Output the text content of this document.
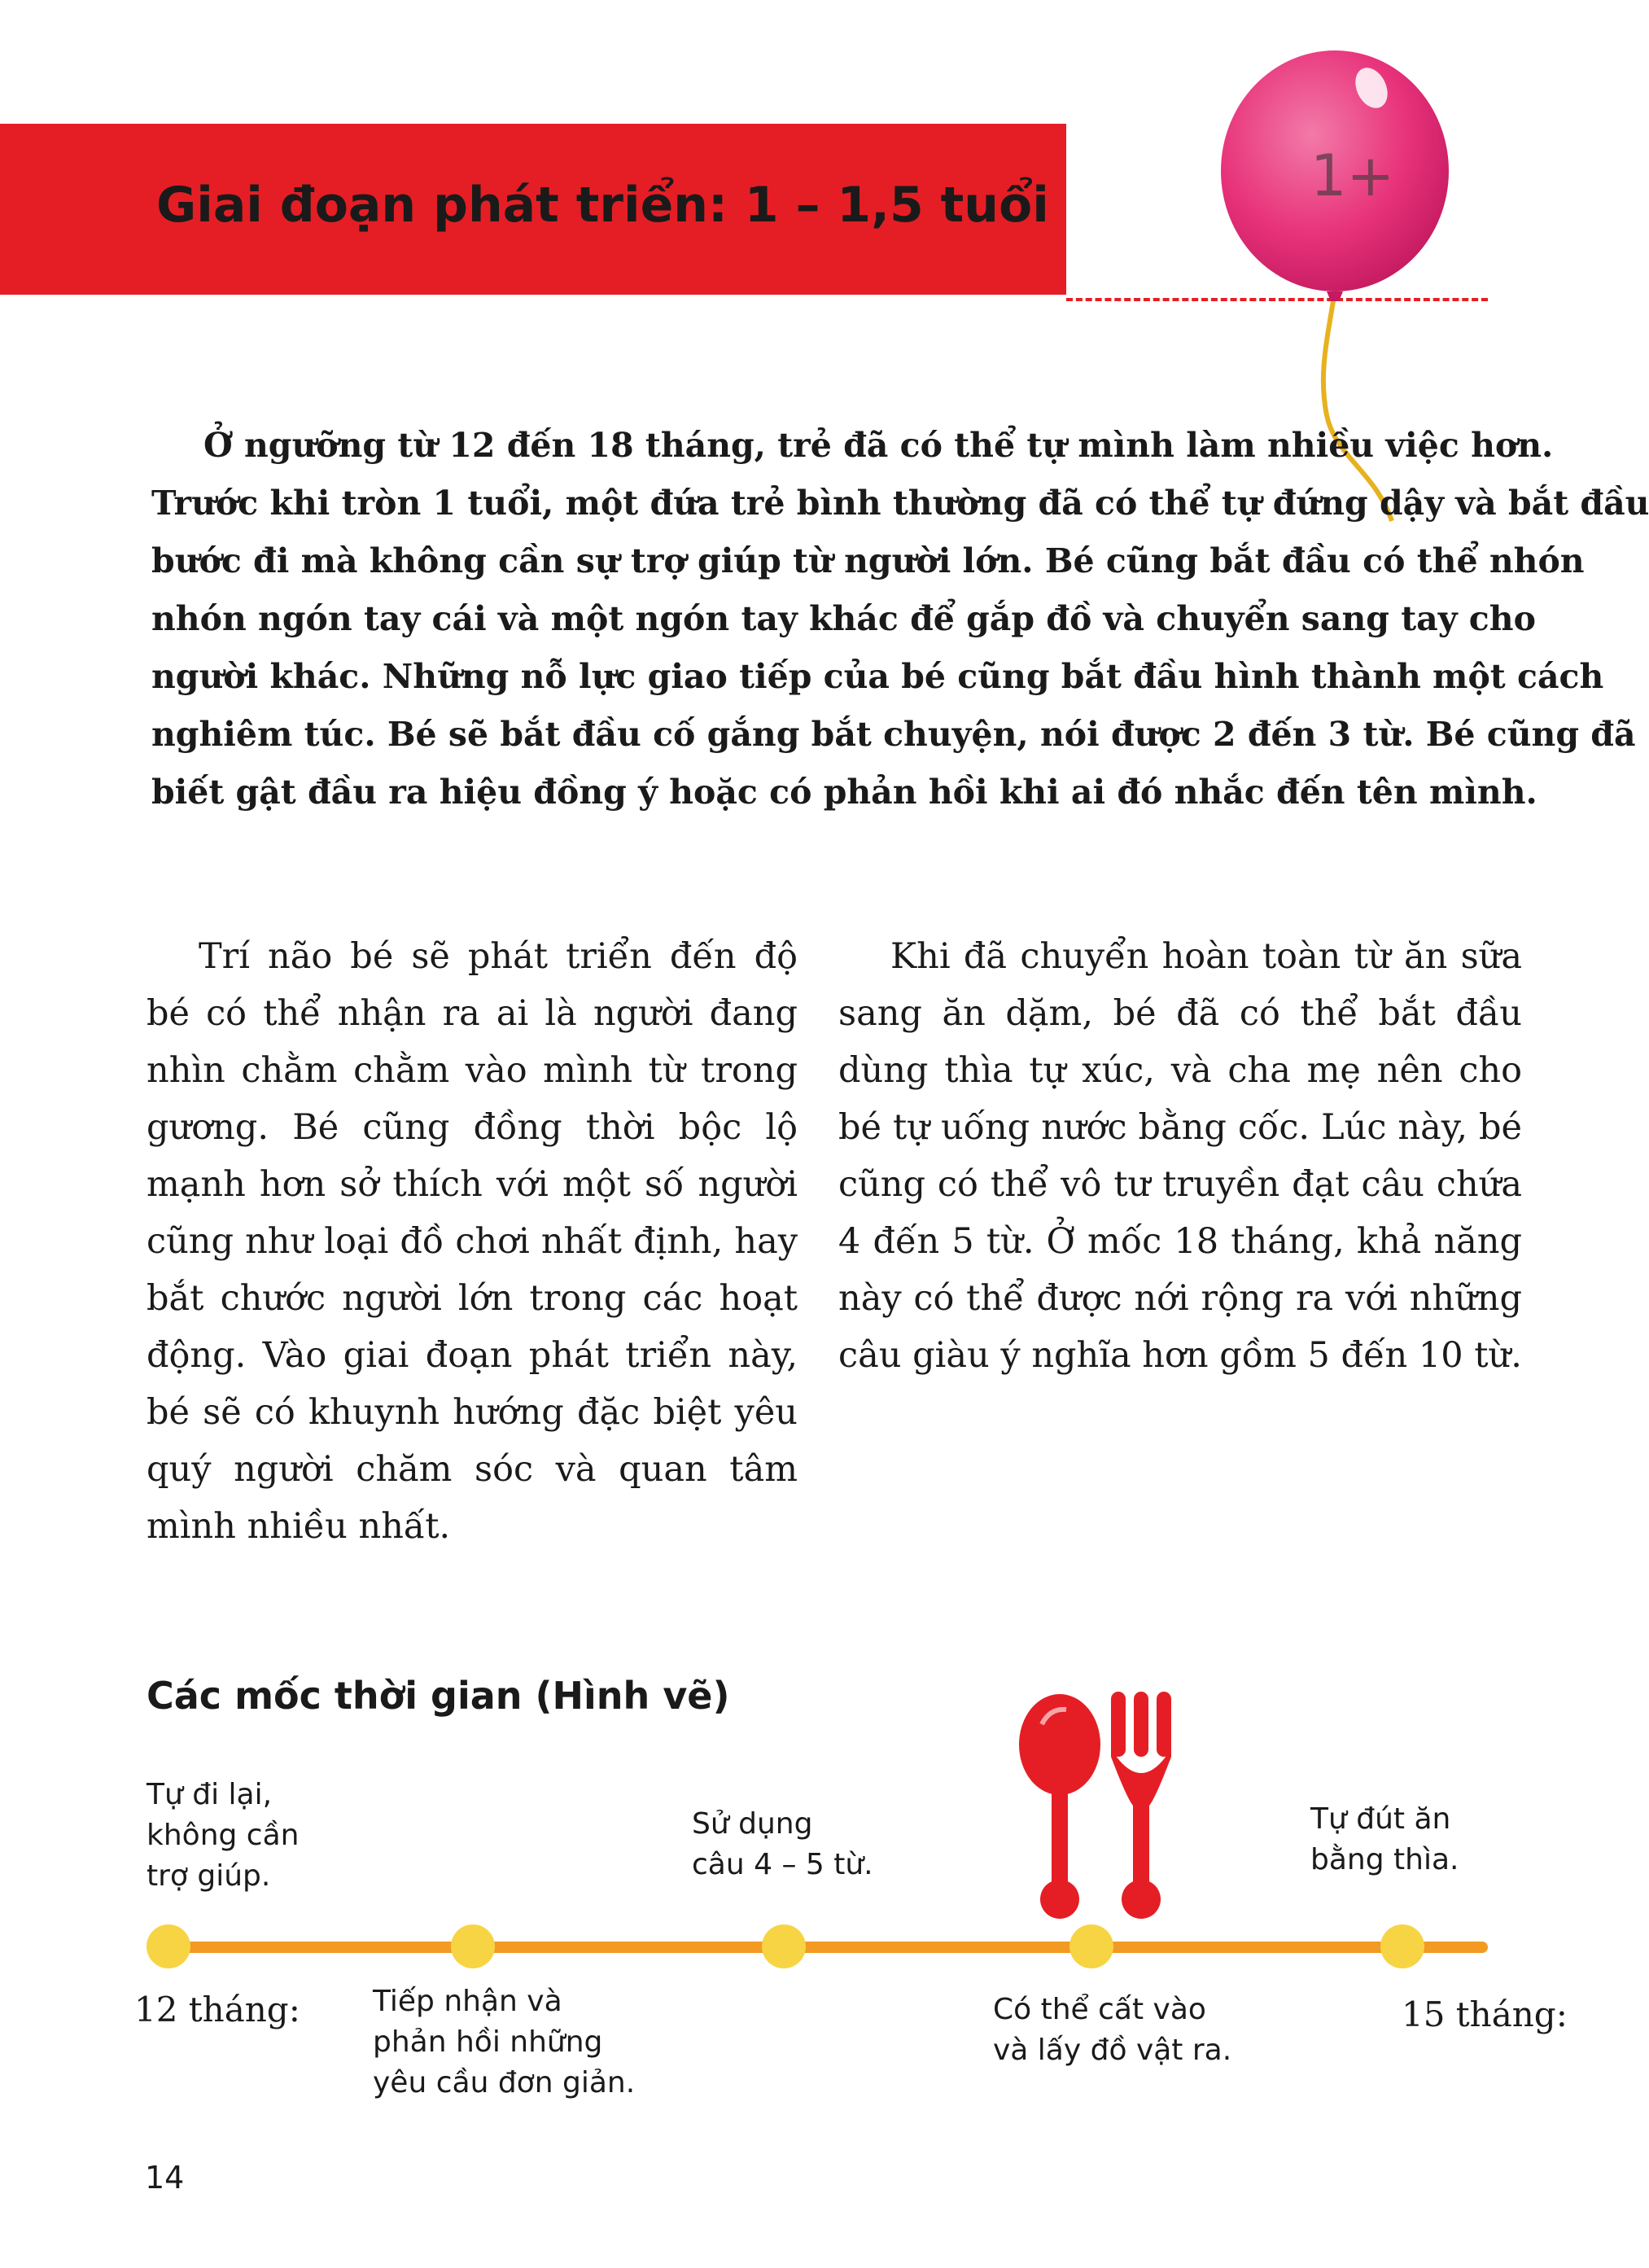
Giai đoạn phát triển: 1 – 1,5 tuổi	1+
Ở ngưỡng từ 12 đến 18 tháng, trẻ đã có thể tự mình làm nhiều việc hơn.
Trước khi tròn 1 tuổi, một đứa trẻ bình thường đã có thể tự đứng dậy và bắt đầu
bước đi mà không cần sự trợ giúp từ người lớn. Bé cũng bắt đầu có thể nhón
nhón ngón tay cái và một ngón tay khác để gắp đồ và chuyển sang tay cho
người khác. Những nỗ lực giao tiếp của bé cũng bắt đầu hình thành một cách
nghiêm túc. Bé sẽ bắt đầu cố gắng bắt chuyện, nói được 2 đến 3 từ. Bé cũng đã
biết gật đầu ra hiệu đồng ý hoặc có phản hồi khi ai đó nhắc đến tên mình.

Trí não bé sẽ phát triển đến độ bé có thể nhận ra ai là người đang nhìn chằm chằm vào mình từ trong gương. Bé cũng đồng thời bộc lộ mạnh hơn sở thích với một số người cũng như loại đồ chơi nhất định, hay bắt chước người lớn trong các hoạt động. Vào giai đoạn phát triển này, bé sẽ có khuynh hướng đặc biệt yêu quý người chăm sóc và quan tâm mình nhiều nhất.

Khi đã chuyển hoàn toàn từ ăn sữa sang ăn dặm, bé đã có thể bắt đầu dùng thìa tự xúc, và cha mẹ nên cho bé tự uống nước bằng cốc. Lúc này, bé cũng có thể vô tư truyền đạt câu chứa 4 đến 5 từ. Ở mốc 18 tháng, khả năng này có thể được nới rộng ra với những câu giàu ý nghĩa hơn gồm 5 đến 10 từ.

Các mốc thời gian (Hình vẽ)
Tự đi lại,
không cần
trợ giúp.
Sử dụng
câu 4 – 5 từ.
Tự đút ăn
bằng thìa.
12 tháng: Tiếp nhận và
phản hồi những
yêu cầu đơn giản.
Có thể cất vào
và lấy đồ vật ra.
15 tháng:
14
